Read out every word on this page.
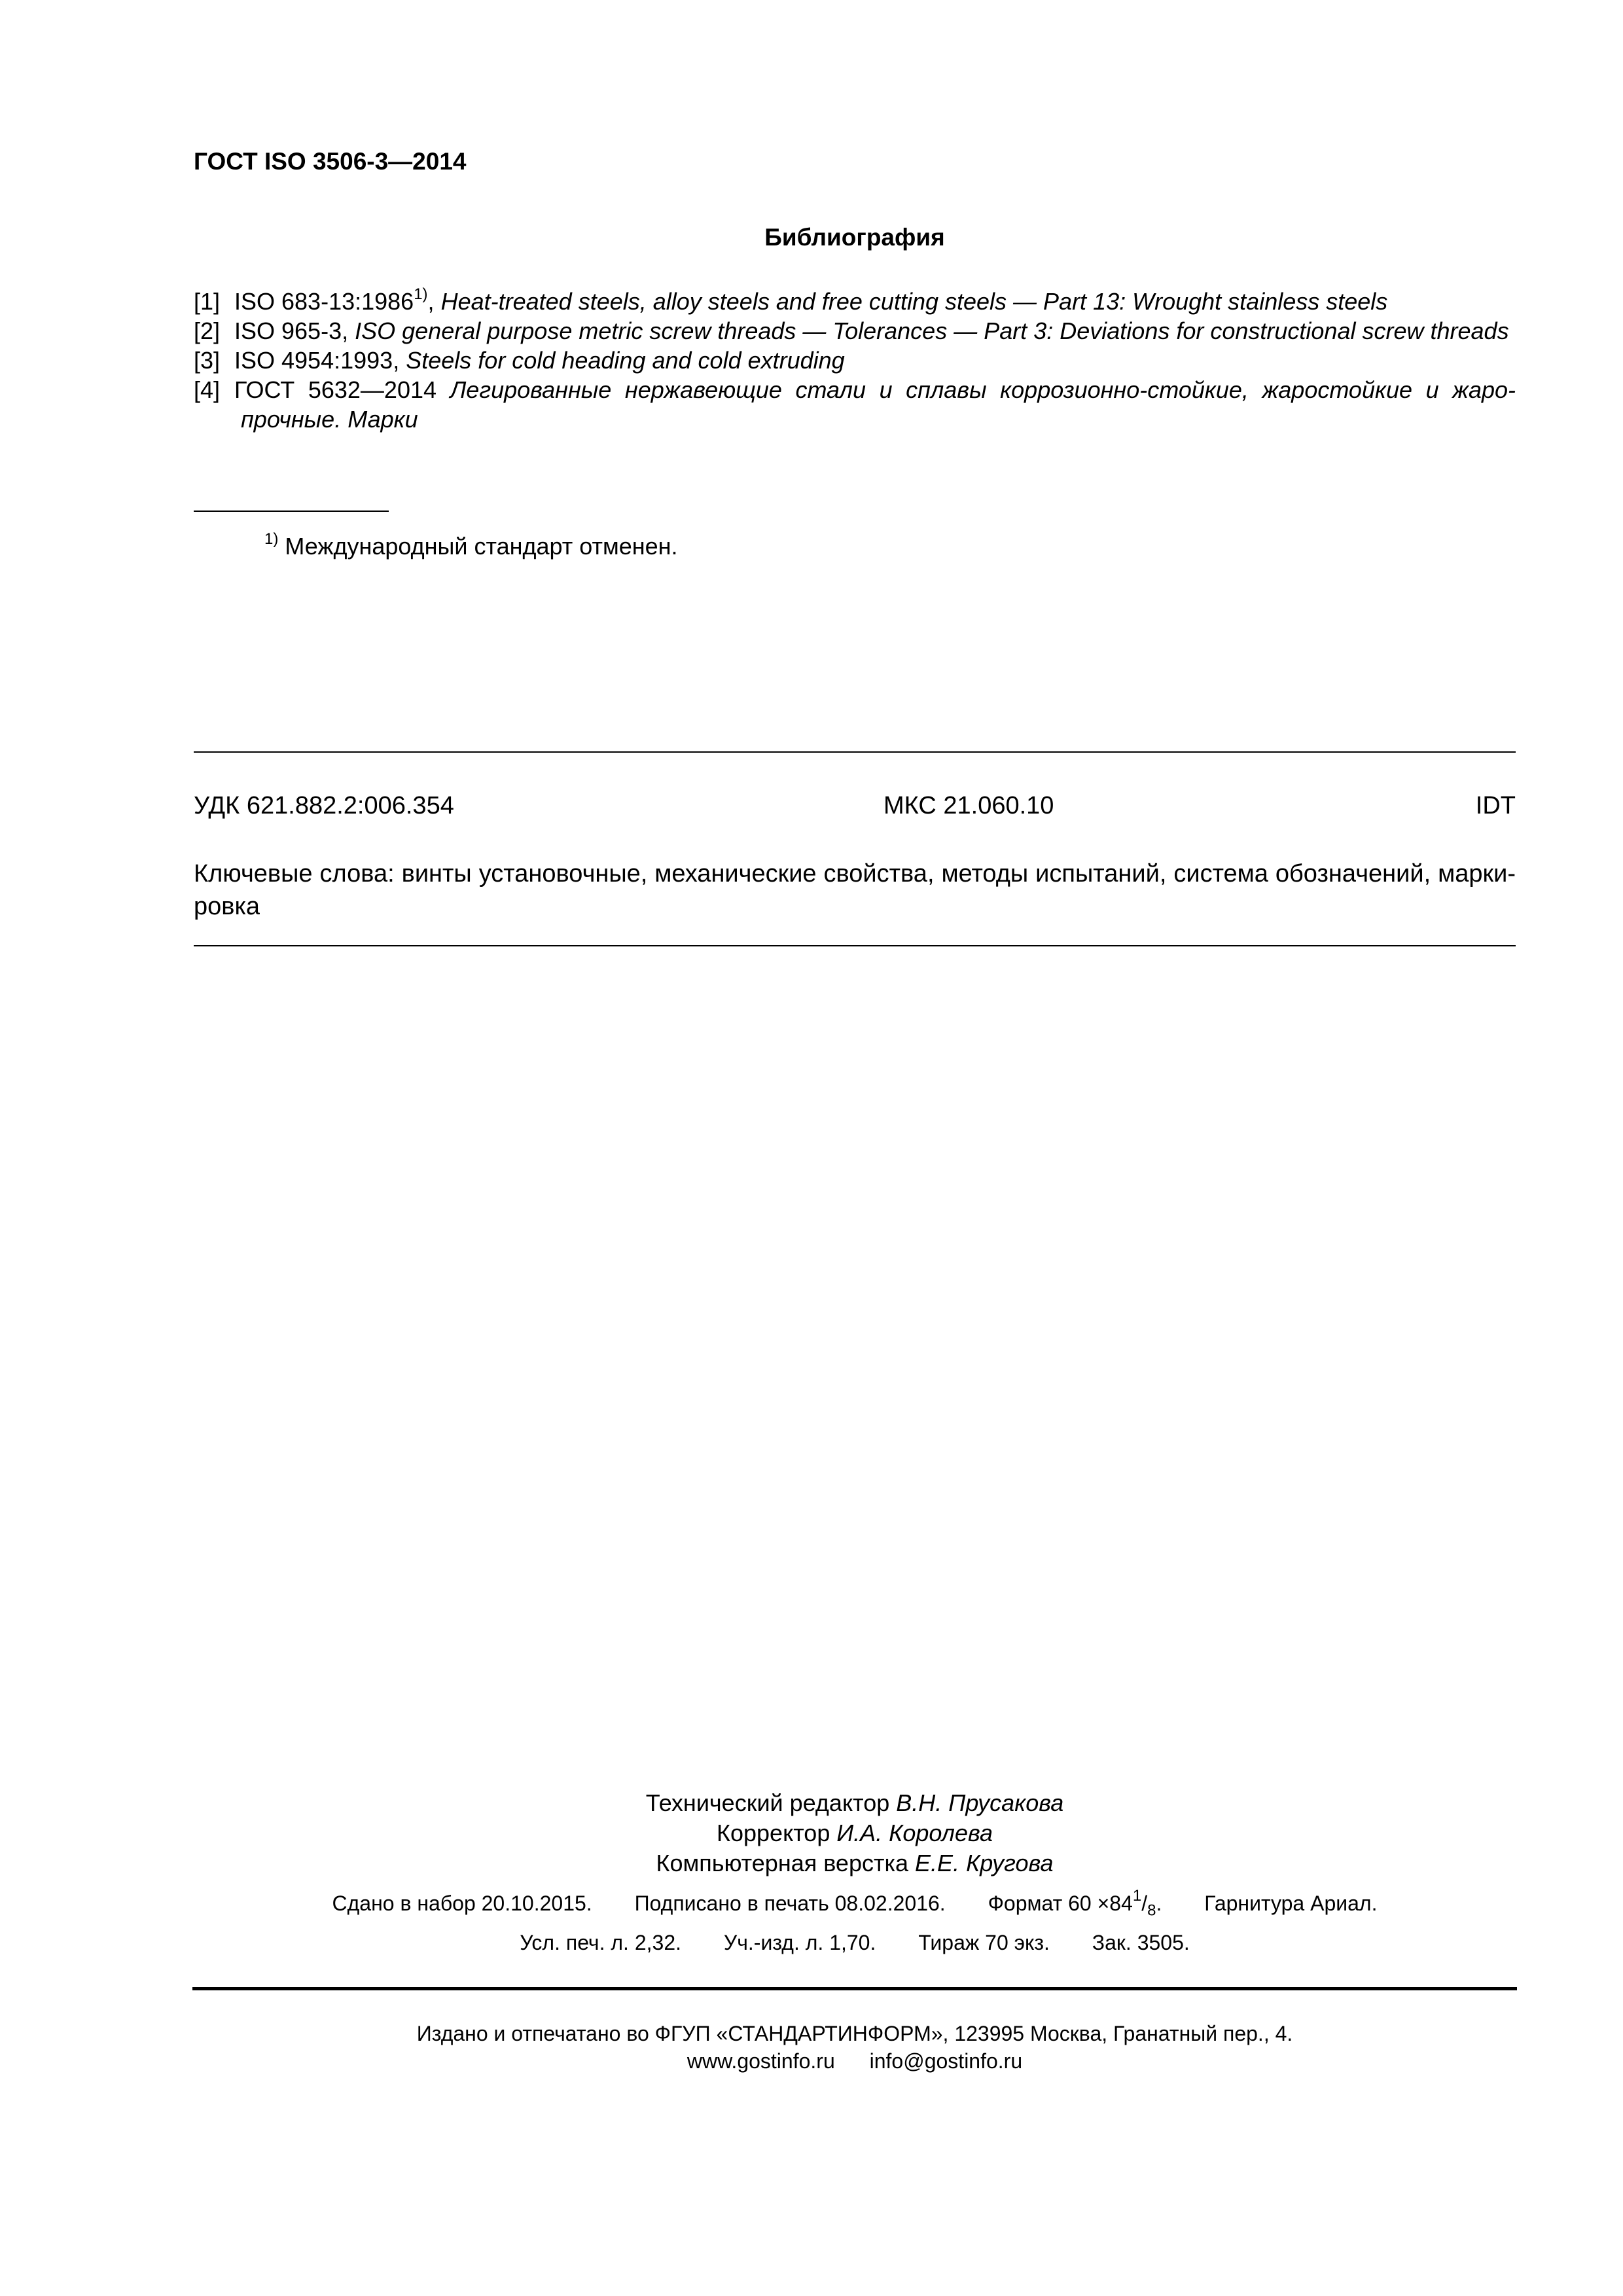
ГОСТ ISO 3506-3—2014
Библиография
[1] ISO 683-13:1986$^{1)}$, Heat-treated steels, alloy steels and free cutting steels — Part 13: Wrought stainless steels
[2] ISO 965-3, ISO general purpose metric screw threads — Tolerances — Part 3: Deviations for constructional screw threads
[3] ISO 4954:1993, Steels for cold heading and cold extruding
[4] ГОСТ 5632—2014 Легированные нержавеющие стали и сплавы коррозионно-стойкие, жаростойкие и жаро-прочные. Марки
$^{1)}$ Международный стандарт отменен.
УДК 621.882.2:006.354	МКС 21.060.10	IDT
Ключевые слова: винты установочные, механические свойства, методы испытаний, система обозначений, марки-ровка
Технический редактор В.Н. Прусакова
Корректор И.А. Королева
Компьютерная верстка Е.Е. Кругова
Сдано в набор 20.10.2015. Подписано в печать 08.02.2016. Формат $60 \times 84^1/_8$. Гарнитура Ариал.
Усл. печ. л. 2,32. Уч.-изд. л. 1,70. Тираж 70 экз. Зак. 3505.
Издано и отпечатано во ФГУП «СТАНДАРТИНФОРМ», 123995 Москва, Гранатный пер., 4.
www.gostinfo.ru info@gostinfo.ru
